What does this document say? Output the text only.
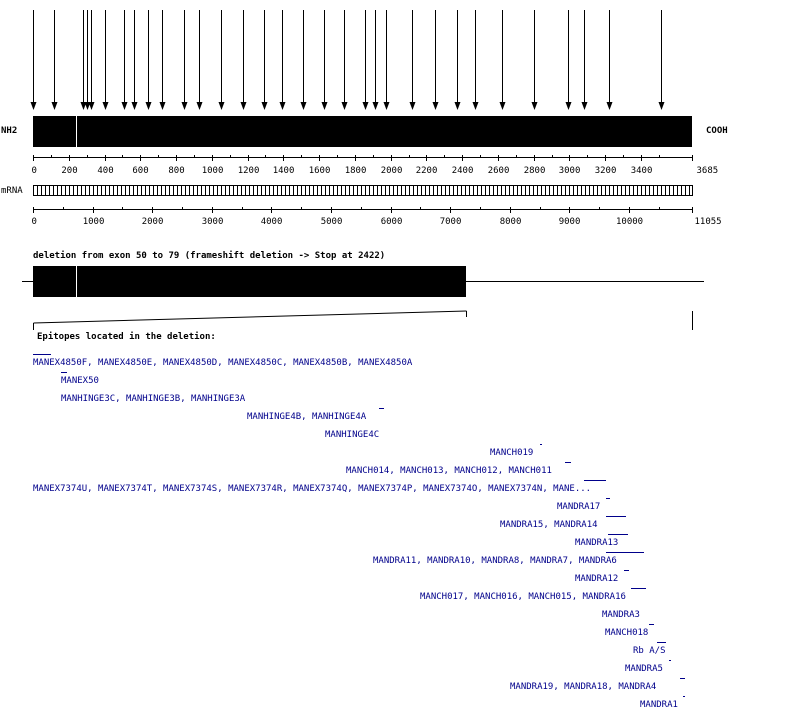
NH2	COOH
0	200 400 600 800 1000 1200 1400 1600 1800 2000 2200 2400 2600 2800 3000 3200 3400	3685
mRNA
0	1000	2000	3000	4000	5000	6000	7000	8000	9000	10000	11055
deletion from exon 50 to 79 (frameshift deletion -> Stop at 2422)
Epitopes located in the deletion:
MANEX4850F, MANEX4850E, MANEX4850D, MANEX4850C, MANEX4850B, MANEX4850A
MANEX50
MANHINGE3C, MANHINGE3B, MANHINGE3A
MANHINGE4B, MANHINGE4A
MANHINGE4C
MANCH019
MANCH014, MANCH013, MANCH012, MANCH011
MANEX7374U, MANEX7374T, MANEX7374S, MANEX7374R, MANEX7374Q, MANEX7374P, MANEX7374O, MANEX7374N, MANE...
MANDRA17
MANDRA15, MANDRA14
MANDRA13
MANDRA11, MANDRA10, MANDRA8, MANDRA7, MANDRA6
MANDRA12
MANCH017, MANCH016, MANCH015, MANDRA16
MANDRA3
MANCH018
Rb A/S
MANDRA5
MANDRA19, MANDRA18, MANDRA4
MANDRA1
